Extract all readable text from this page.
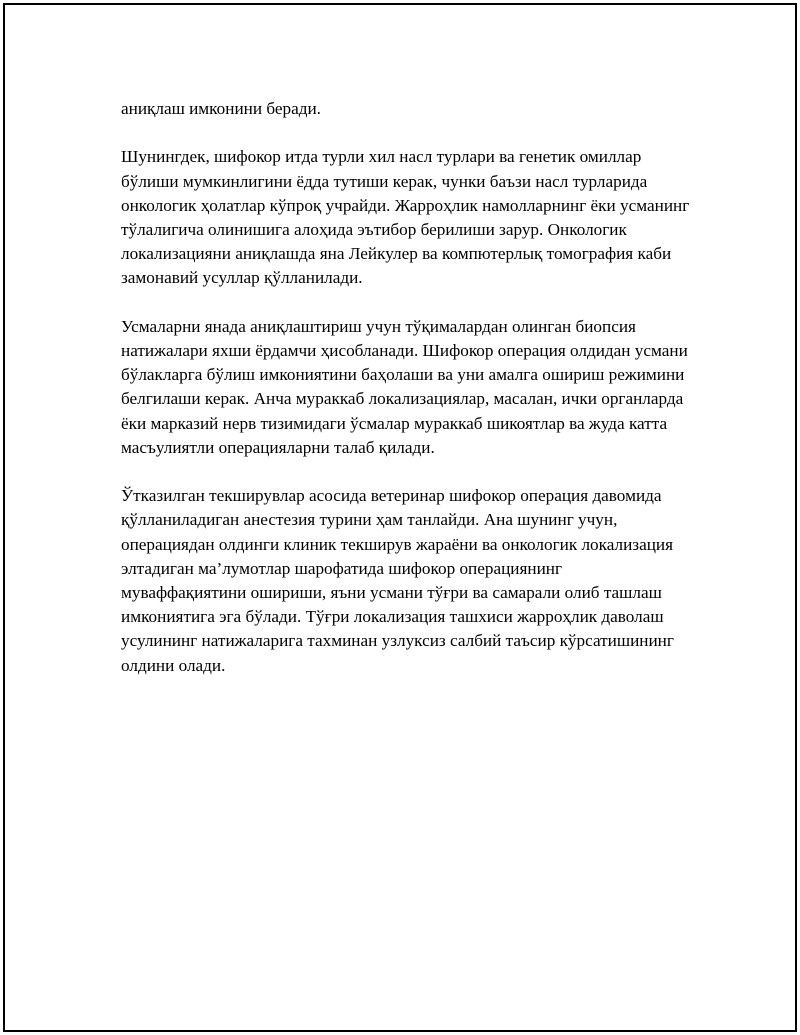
аниқлаш имконини беради.

Шунингдек, шифокор итда турли хил насл турлари ва генетик омиллар бўлиши мумкинлигини ёдда тутиши керак, чунки баъзи насл турларида онкологик ҳолатлар кўпроқ учрайди. Жарроҳлик намолларнинг ёки усманинг тўлалигича олинишига алоҳида эътибор берилиши зарур. Онкологик локализацияни аниқлашда яна Лейкулер ва компютерлық томография каби замонавий усуллар қўлланилади.

Усмаларни янада аниқлаштириш учун тўқималардан олинган биопсия натижалари яхши ёрдамчи ҳисобланади. Шифокор операция олдидан усмани бўлакларга бўлиш имкониятини баҳолаши ва уни амалга ошириш режимини белгилаши керак. Анча мураккаб локализациялар, масалан, ички органларда ёки марказий нерв тизимидаги ўсмалар мураккаб шикоятлар ва жуда катта масъулиятли операцияларни талаб қилади.

Ўтказилган текширувлар асосида ветеринар шифокор операция давомида қўлланиладиган анестезия турини ҳам танлайди. Ана шунинг учун, операциядан олдинги клиник текширув жараёни ва онкологик локализация элтадиган ма’лумотлар шарофатида шифокор операциянинг муваффақиятини ошириши, яъни усмани тўғри ва самарали олиб ташлаш имкониятига эга бўлади. Тўғри локализация ташхиси жарроҳлик даволаш усулининг натижаларига тахминан узлуксиз салбий таъсир кўрсатишининг олдини олади.
